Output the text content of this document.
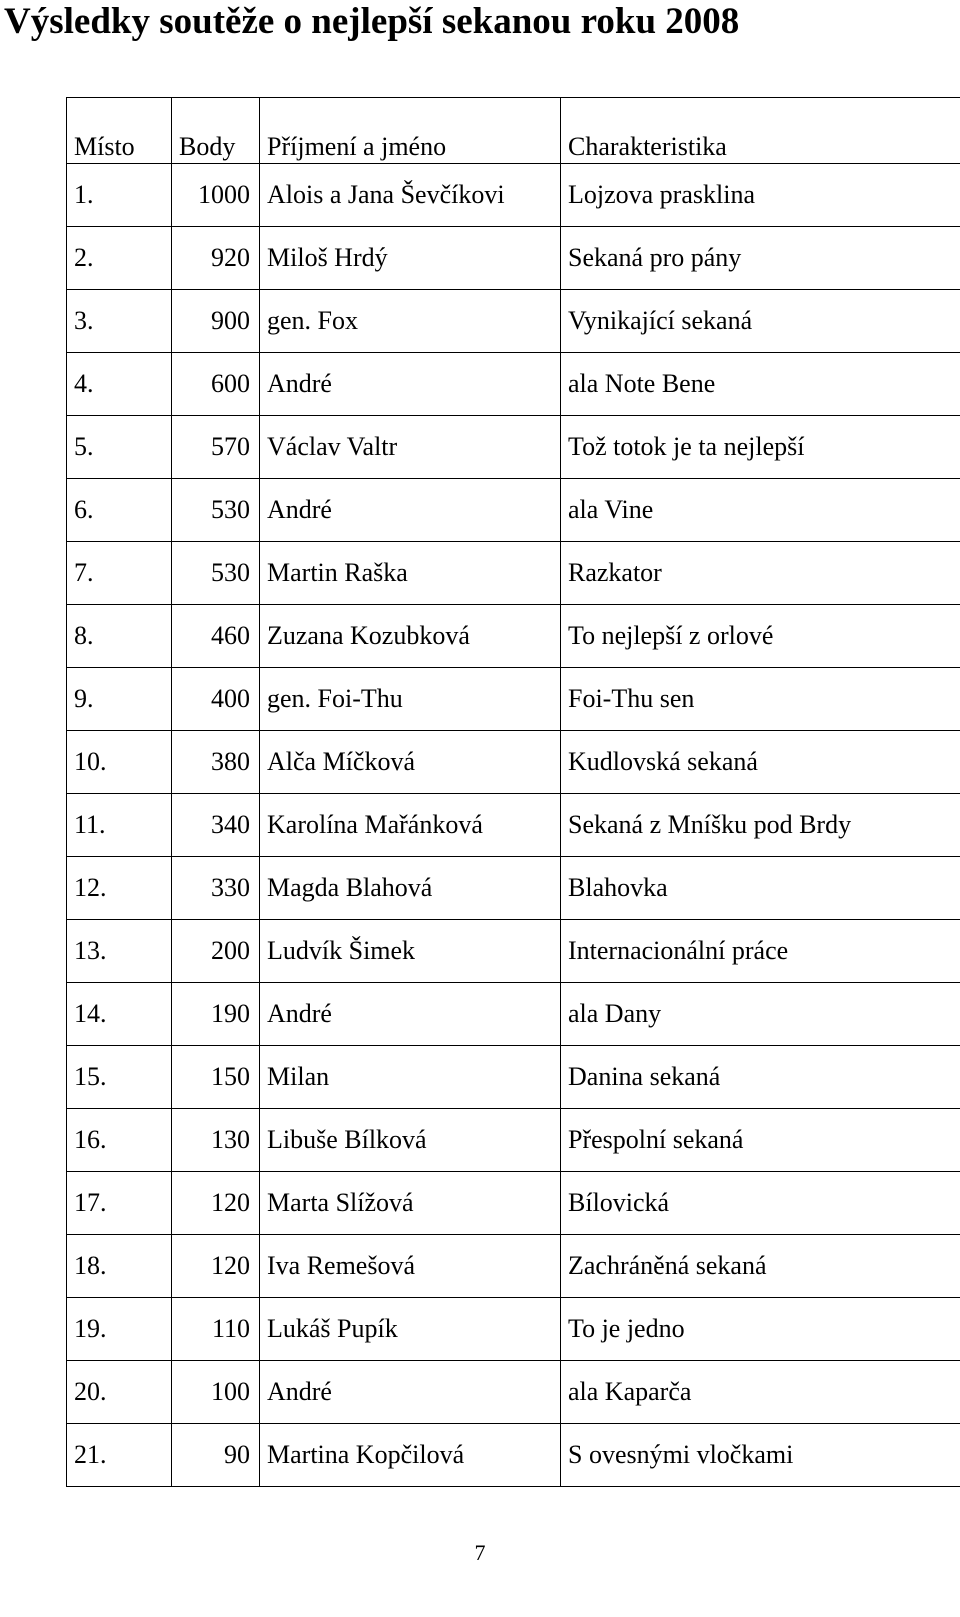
Výsledky soutěže o nejlepší sekanou roku 2008
Místo	Body	Příjmení a jméno	Charakteristika
1.	1000	Alois a Jana Ševčíkovi	Lojzova prasklina
2.	920	Miloš Hrdý	Sekaná pro pány
3.	900	gen. Fox	Vynikající sekaná
4.	600	André	ala Note Bene
5.	570	Václav Valtr	Tož totok je ta nejlepší
6.	530	André	ala Vine
7.	530	Martin Raška	Razkator
8.	460	Zuzana Kozubková	To nejlepší z orlové
9.	400	gen. Foi-Thu	Foi-Thu sen
10.	380	Alča Míčková	Kudlovská sekaná
11.	340	Karolína Mařánková	Sekaná z Mníšku pod Brdy
12.	330	Magda Blahová	Blahovka
13.	200	Ludvík Šimek	Internacionální práce
14.	190	André	ala Dany
15.	150	Milan	Danina sekaná
16.	130	Libuše Bílková	Přespolní sekaná
17.	120	Marta Slížová	Bílovická
18.	120	Iva Remešová	Zachráněná sekaná
19.	110	Lukáš Pupík	To je jedno
20.	100	André	ala Kaparča
21.	90	Martina Kopčilová	S ovesnými vločkami
7
